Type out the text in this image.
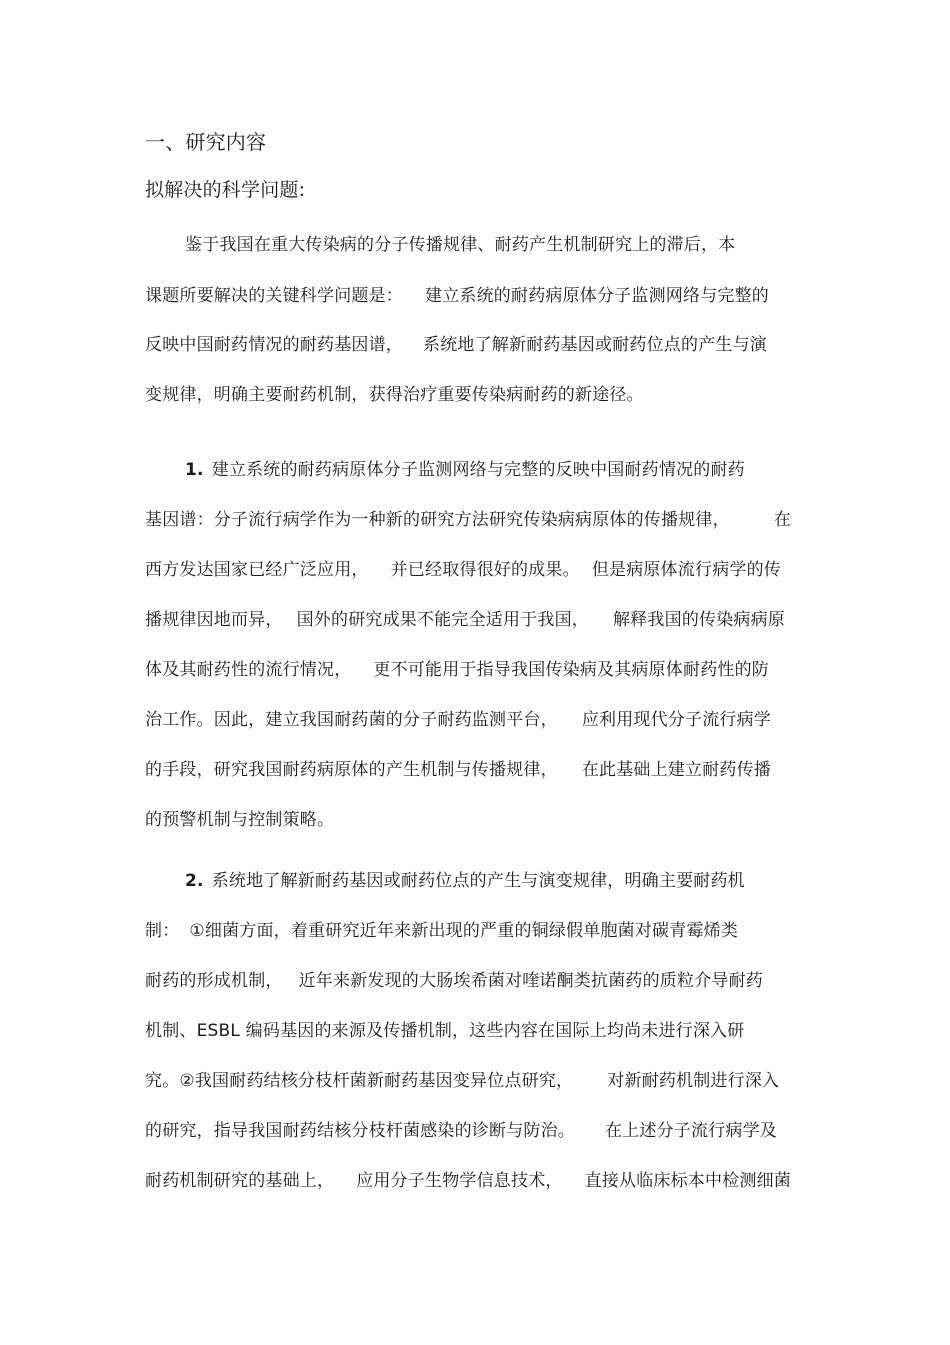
一、研究内容
拟解决的科学问题:
鉴于我国在重大传染病的分子传播规律、耐药产生机制研究上的滞后，本
课题所要解决的关键科学问题是： 建立系统的耐药病原体分子监测网络与完整的
反映中国耐药情况的耐药基因谱， 系统地了解新耐药基因或耐药位点的产生与演
变规律，明确主要耐药机制，获得治疗重要传染病耐药的新途径。
1. 建立系统的耐药病原体分子监测网络与完整的反映中国耐药情况的耐药
基因谱：分子流行病学作为一种新的研究方法研究传染病病原体的传播规律，	在
西方发达国家已经广泛应用， 并已经取得很好的成果。 但是病原体流行病学的传
播规律因地而异， 国外的研究成果不能完全适用于我国， 解释我国的传染病病原
体及其耐药性的流行情况， 更不可能用于指导我国传染病及其病原体耐药性的防
治工作。因此，建立我国耐药菌的分子耐药监测平台， 应利用现代分子流行病学
的手段，研究我国耐药病原体的产生机制与传播规律， 在此基础上建立耐药传播
的预警机制与控制策略。
2. 系统地了解新耐药基因或耐药位点的产生与演变规律，明确主要耐药机
制： ①细菌方面，着重研究近年来新出现的严重的铜绿假单胞菌对碳青霉烯类
耐药的形成机制， 近年来新发现的大肠埃希菌对喹诺酮类抗菌药的质粒介导耐药
机制、ESBL 编码基因的来源及传播机制，这些内容在国际上均尚未进行深入研
究。②我国耐药结核分枝杆菌新耐药基因变异位点研究， 对新耐药机制进行深入
的研究，指导我国耐药结核分枝杆菌感染的诊断与防治。 在上述分子流行病学及
耐药机制研究的基础上， 应用分子生物学信息技术， 直接从临床标本中检测细菌
